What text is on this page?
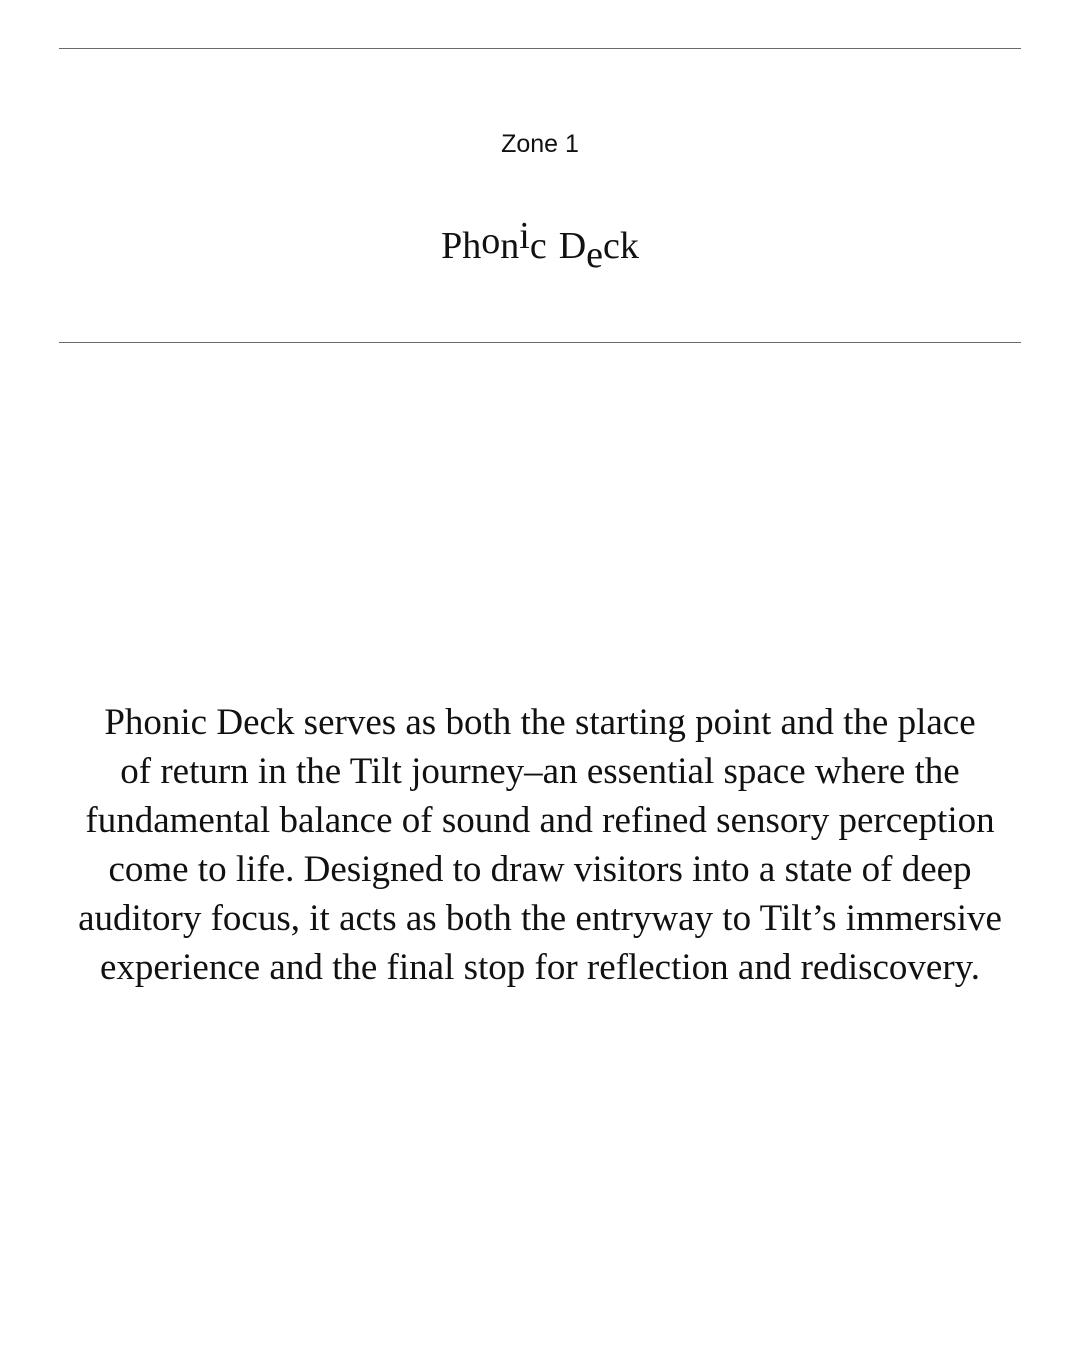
Zone 1
Phonic Deck
Phonic Deck serves as both the starting point and the place
of return in the Tilt journey–an essential space where the
fundamental balance of sound and refined sensory perception
come to life. Designed to draw visitors into a state of deep
auditory focus, it acts as both the entryway to Tilt’s immersive
experience and the final stop for reflection and rediscovery.
